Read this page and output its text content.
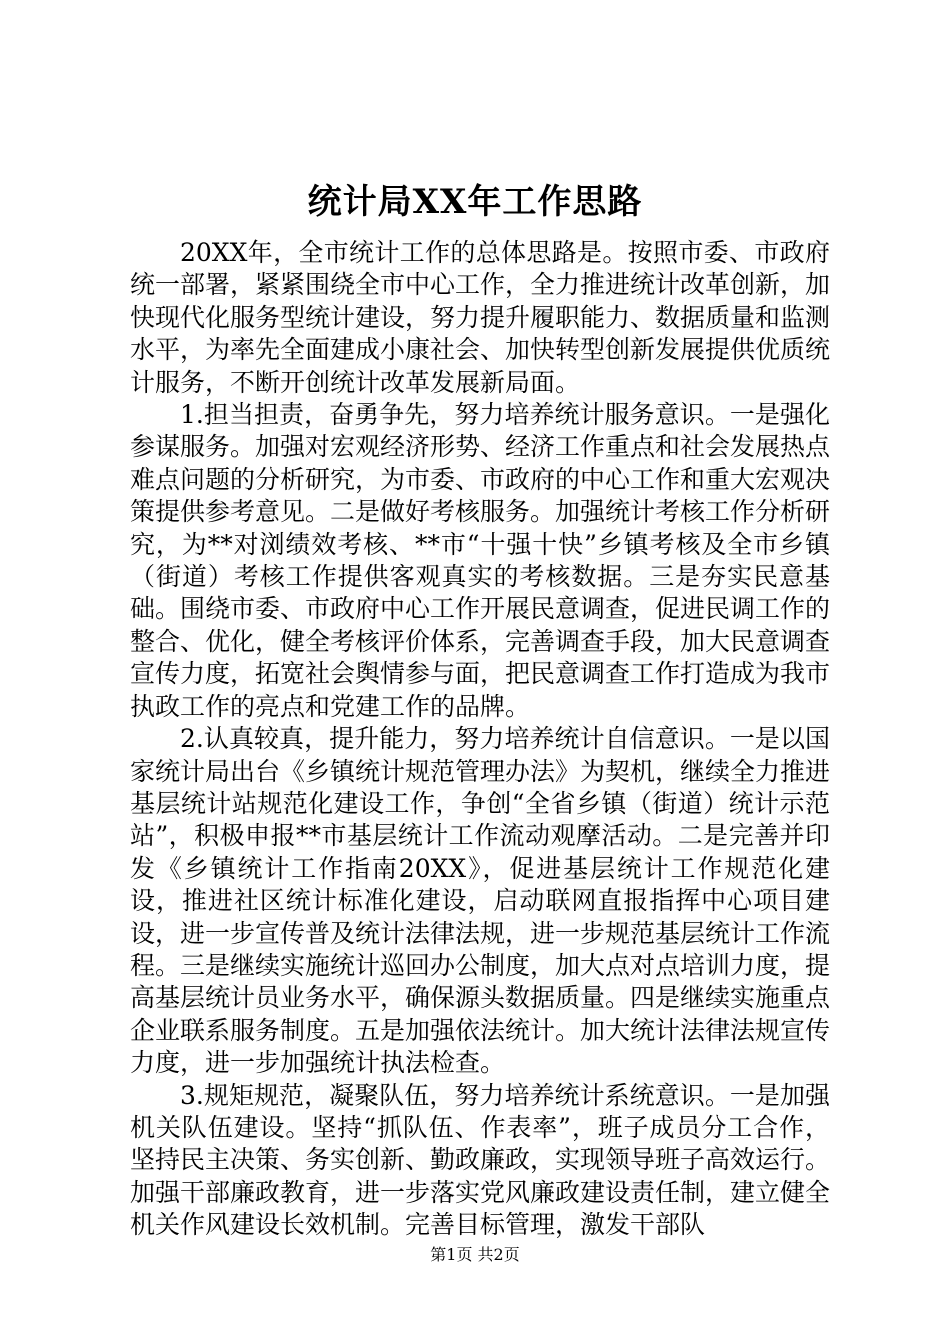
统计局XX年工作思路

20XX年，全市统计工作的总体思路是。按照市委、市政府统一部署，紧紧围绕全市中心工作，全力推进统计改革创新，加快现代化服务型统计建设，努力提升履职能力、数据质量和监测水平，为率先全面建成小康社会、加快转型创新发展提供优质统计服务，不断开创统计改革发展新局面。

1.担当担责，奋勇争先，努力培养统计服务意识。一是强化参谋服务。加强对宏观经济形势、经济工作重点和社会发展热点难点问题的分析研究，为市委、市政府的中心工作和重大宏观决策提供参考意见。二是做好考核服务。加强统计考核工作分析研究，为**对浏绩效考核、**市“十强十快”乡镇考核及全市乡镇（街道）考核工作提供客观真实的考核数据。三是夯实民意基础。围绕市委、市政府中心工作开展民意调查，促进民调工作的整合、优化，健全考核评价体系，完善调查手段，加大民意调查宣传力度，拓宽社会舆情参与面，把民意调查工作打造成为我市执政工作的亮点和党建工作的品牌。

2.认真较真，提升能力，努力培养统计自信意识。一是以国家统计局出台《乡镇统计规范管理办法》为契机，继续全力推进基层统计站规范化建设工作，争创“全省乡镇（街道）统计示范站”，积极申报**市基层统计工作流动观摩活动。二是完善并印发《乡镇统计工作指南20XX》，促进基层统计工作规范化建设，推进社区统计标准化建设，启动联网直报指挥中心项目建设，进一步宣传普及统计法律法规，进一步规范基层统计工作流程。三是继续实施统计巡回办公制度，加大点对点培训力度，提高基层统计员业务水平，确保源头数据质量。四是继续实施重点企业联系服务制度。五是加强依法统计。加大统计法律法规宣传力度，进一步加强统计执法检查。

3.规矩规范，凝聚队伍，努力培养统计系统意识。一是加强机关队伍建设。坚持“抓队伍、作表率”，班子成员分工合作，坚持民主决策、务实创新、勤政廉政，实现领导班子高效运行。加强干部廉政教育，进一步落实党风廉政建设责任制，建立健全机关作风建设长效机制。完善目标管理，激发干部队

第1页 共2页
